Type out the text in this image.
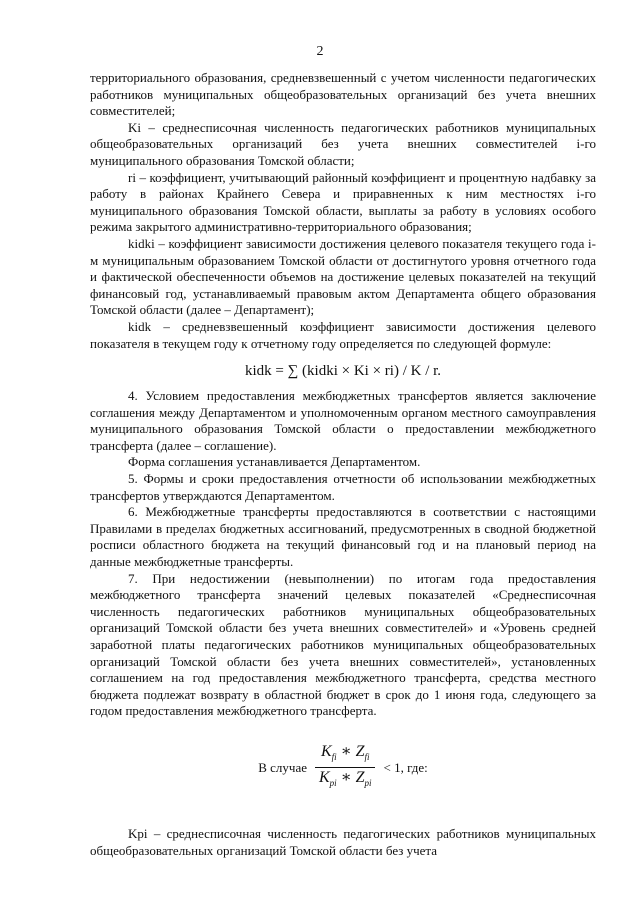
2

территориального образования, средневзвешенный с учетом численности педагогических работников муниципальных общеобразовательных организаций без учета внешних совместителей;

Ki – среднесписочная численность педагогических работников муниципальных общеобразовательных организаций без учета внешних совместителей i-го муниципального образования Томской области;

ri – коэффициент, учитывающий районный коэффициент и процентную надбавку за работу в районах Крайнего Севера и приравненных к ним местностях i-го муниципального образования Томской области, выплаты за работу в условиях особого режима закрытого административно-территориального образования;

kidki – коэффициент зависимости достижения целевого показателя текущего года i-м муниципальным образованием Томской области от достигнутого уровня отчетного года и фактической обеспеченности объемов на достижение целевых показателей на текущий финансовый год, устанавливаемый правовым актом Департамента общего образования Томской области (далее – Департамент);

kidk – средневзвешенный коэффициент зависимости достижения целевого показателя в текущем году к отчетному году определяется по следующей формуле:

kidk = ∑ (kidki × Ki × ri) / K / r.

4. Условием предоставления межбюджетных трансфертов является заключение соглашения между Департаментом и уполномоченным органом местного самоуправления муниципального образования Томской области о предоставлении межбюджетного трансферта (далее – соглашение).

Форма соглашения устанавливается Департаментом.

5. Формы и сроки предоставления отчетности об использовании межбюджетных трансфертов утверждаются Департаментом.

6. Межбюджетные трансферты предоставляются в соответствии с настоящими Правилами в пределах бюджетных ассигнований, предусмотренных в сводной бюджетной росписи областного бюджета на текущий финансовый год и на плановый период на данные межбюджетные трансферты.

7. При недостижении (невыполнении) по итогам года предоставления межбюджетного трансферта значений целевых показателей «Среднесписочная численность педагогических работников муниципальных общеобразовательных организаций Томской области без учета внешних совместителей» и «Уровень средней заработной платы педагогических работников муниципальных общеобразовательных организаций Томской области без учета внешних совместителей», установленных соглашением на год предоставления межбюджетного трансферта, средства местного бюджета подлежат возврату в областной бюджет в срок до 1 июня года, следующего за годом предоставления межбюджетного трансферта.

В случае $\frac{K_{fi} ∗ Z_{fi}}{K_{pi} ∗ Z_{pi}} < 1$, где:

Kpi – среднесписочная численность педагогических работников муниципальных общеобразовательных организаций Томской области без учета
